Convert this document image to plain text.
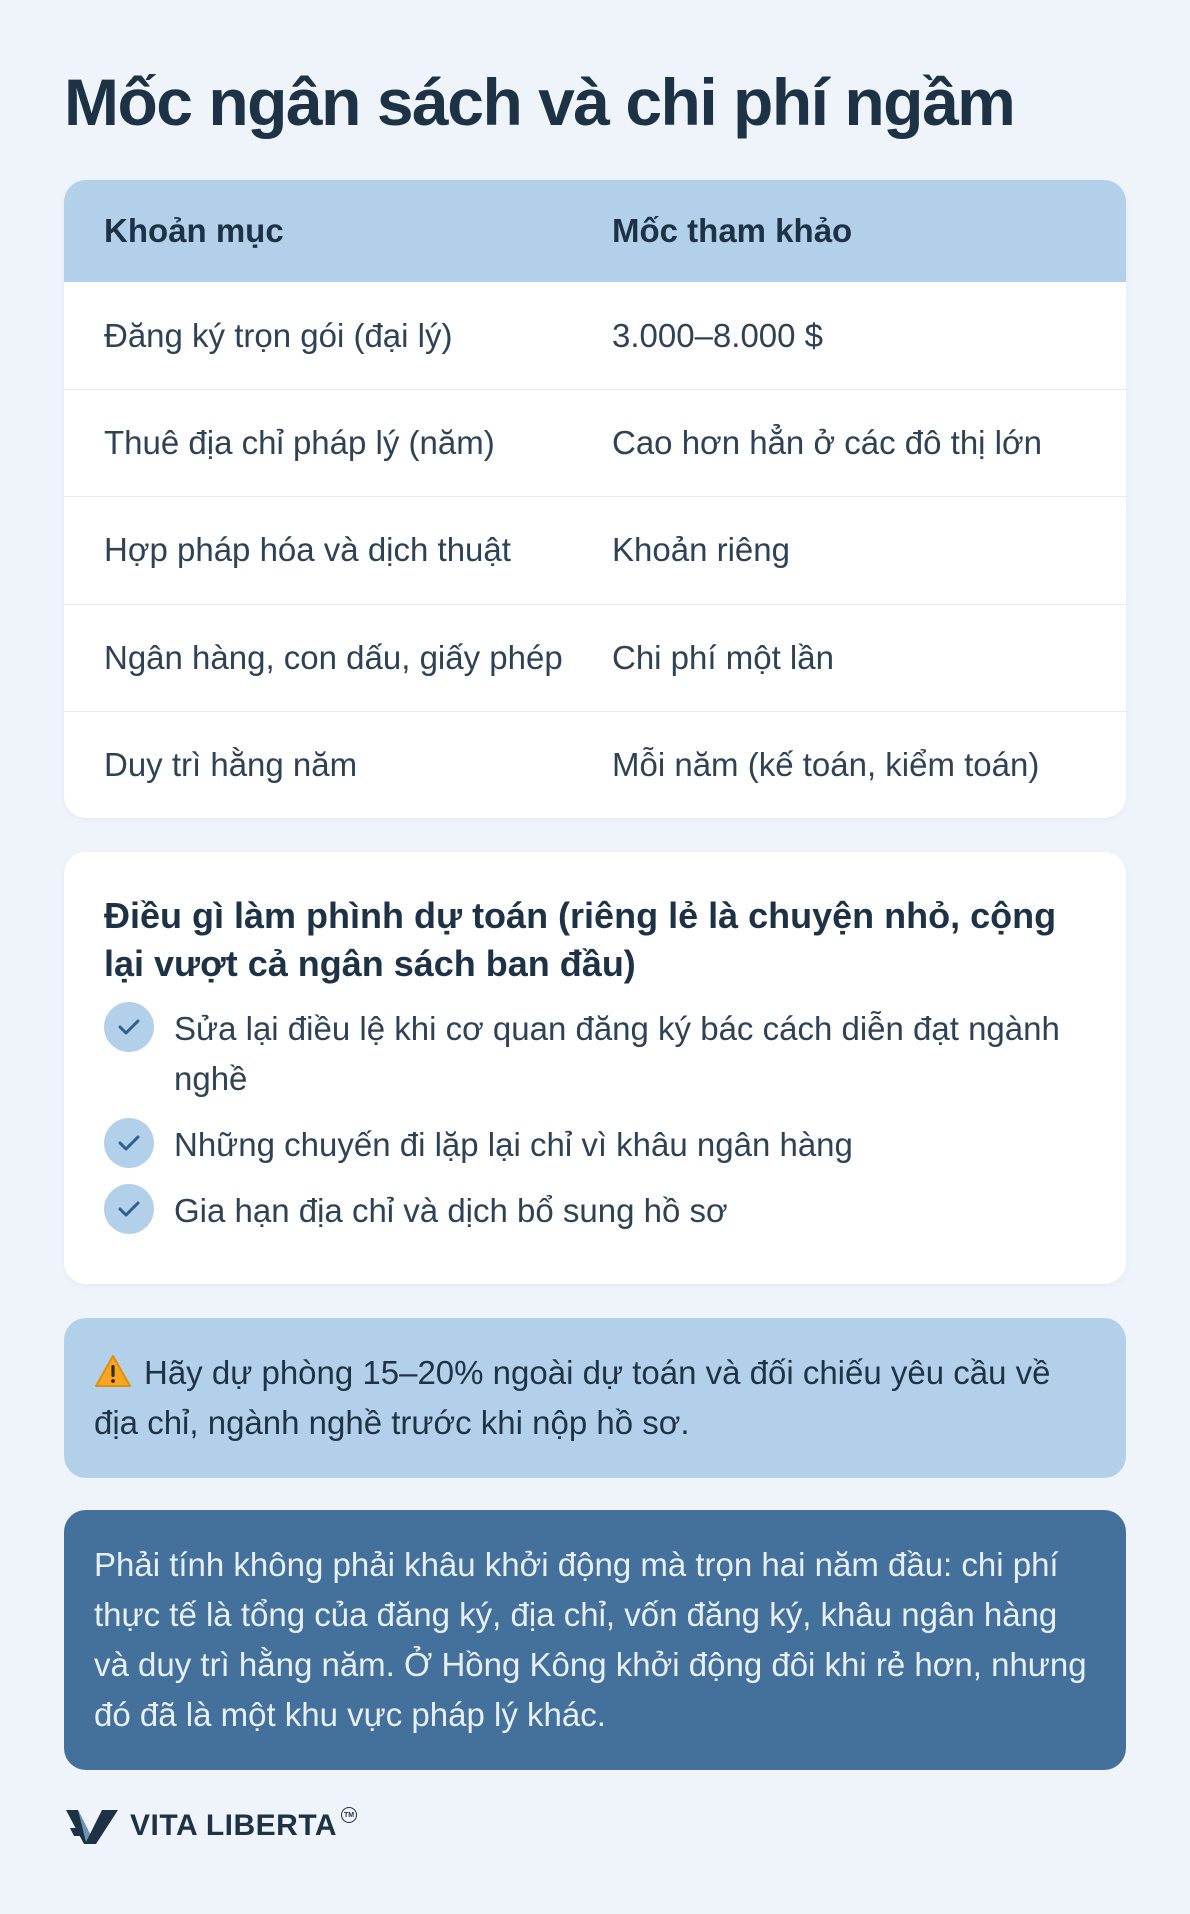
Mốc ngân sách và chi phí ngầm
Khoản mục	Mốc tham khảo
Đăng ký trọn gói (đại lý)	3.000–8.000 $
Thuê địa chỉ pháp lý (năm)	Cao hơn hẳn ở các đô thị lớn
Hợp pháp hóa và dịch thuật	Khoản riêng
Ngân hàng, con dấu, giấy phép	Chi phí một lần
Duy trì hằng năm	Mỗi năm (kế toán, kiểm toán)
Điều gì làm phình dự toán (riêng lẻ là chuyện nhỏ, cộng lại vượt cả ngân sách ban đầu)
Sửa lại điều lệ khi cơ quan đăng ký bác cách diễn đạt ngành nghề
Những chuyến đi lặp lại chỉ vì khâu ngân hàng
Gia hạn địa chỉ và dịch bổ sung hồ sơ

Hãy dự phòng 15–20% ngoài dự toán và đối chiếu yêu cầu về địa chỉ, ngành nghề trước khi nộp hồ sơ.

Phải tính không phải khâu khởi động mà trọn hai năm đầu: chi phí thực tế là tổng của đăng ký, địa chỉ, vốn đăng ký, khâu ngân hàng và duy trì hằng năm. Ở Hồng Kông khởi động đôi khi rẻ hơn, nhưng đó đã là một khu vực pháp lý khác.

VITA LIBERTA TM
